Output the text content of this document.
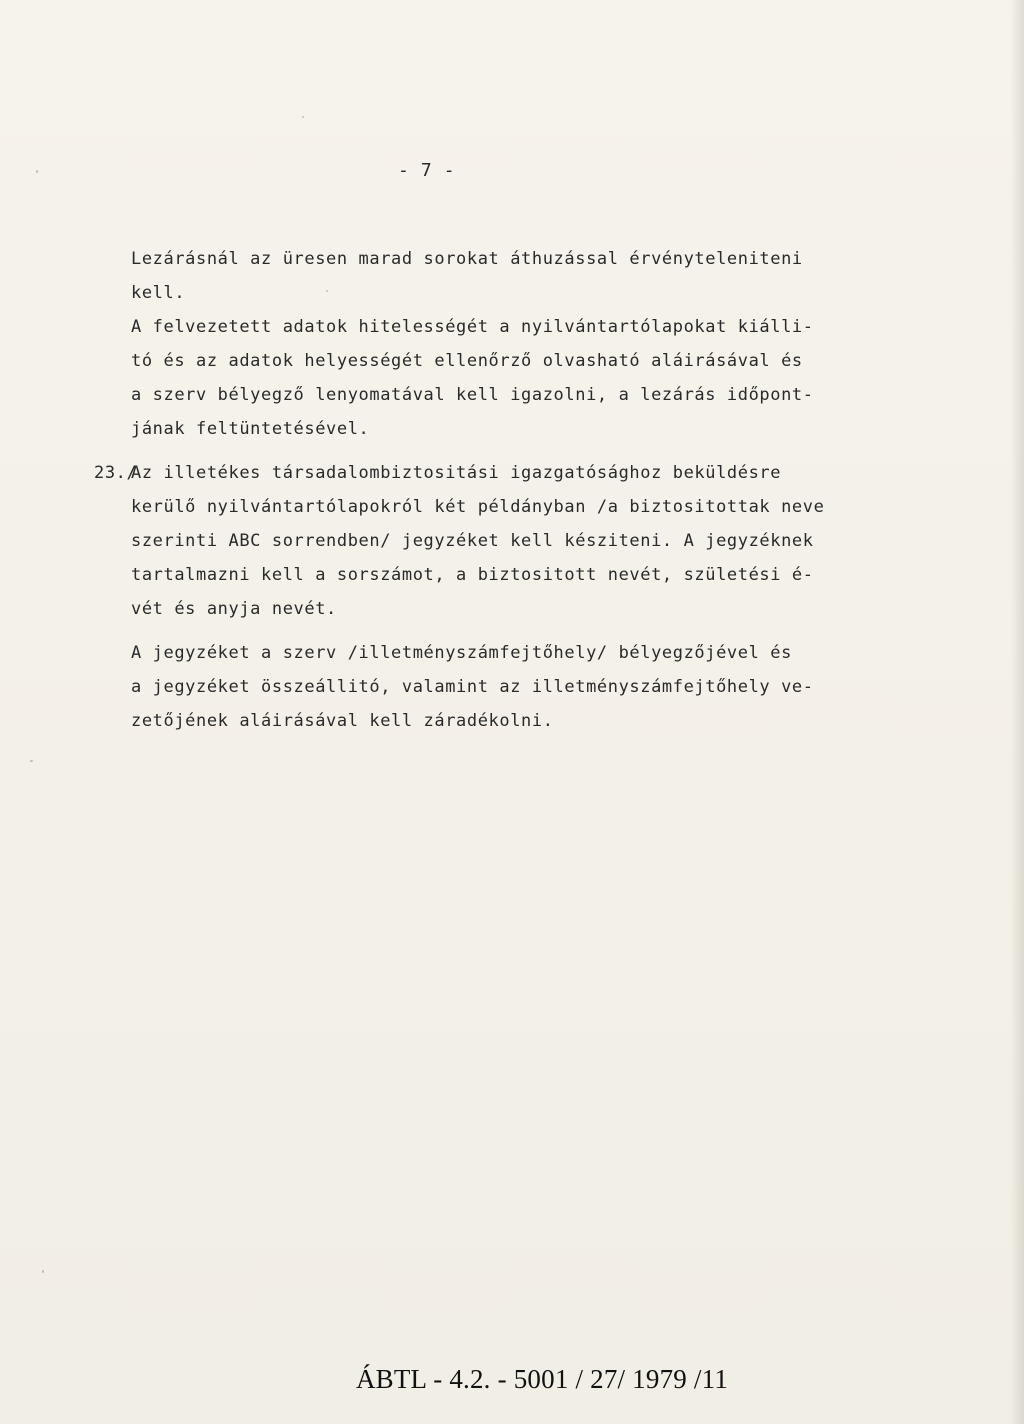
- 7 -

Lezárásnál az üresen marad sorokat áthuzással érvényteleniteni
kell.
A felvezetett adatok hitelességét a nyilvántartólapokat kiálli-
tó és az adatok helyességét ellenőrző olvasható aláirásával és
a szerv bélyegző lenyomatával kell igazolni, a lezárás időpont-
jának feltüntetésével.
23./
Az illetékes társadalombiztositási igazgatósághoz beküldésre
kerülő nyilvántartólapokról két példányban /a biztositottak neve
szerinti ABC sorrendben/ jegyzéket kell késziteni. A jegyzéknek
tartalmazni kell a sorszámot, a biztositott nevét, születési é-
vét és anyja nevét.
A jegyzéket a szerv /illetményszámfejtőhely/ bélyegzőjével és
a jegyzéket összeállitó, valamint az illetményszámfejtőhely ve-
zetőjének aláirásával kell záradékolni.
ÁBTL - 4.2. - 5001 / 27/ 1979 /11
